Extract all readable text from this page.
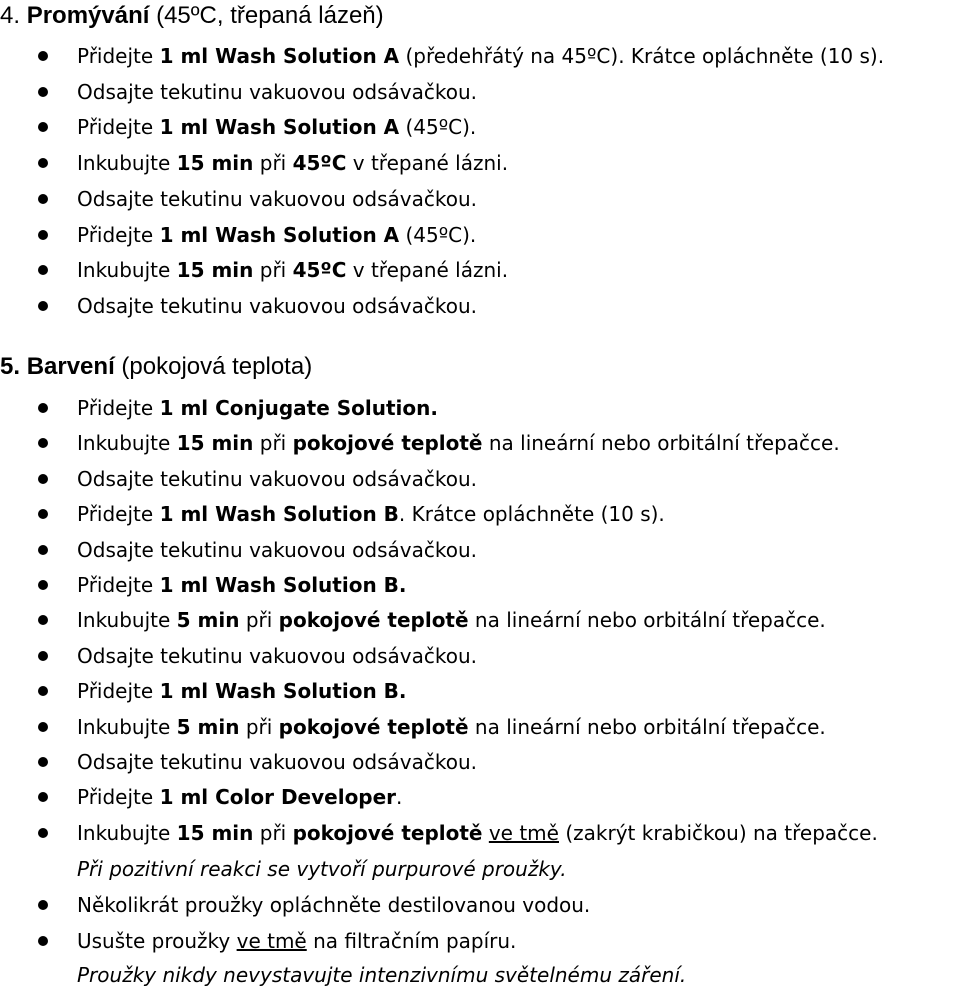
4. Promývání (45ºC, třepaná lázeň)
Přidejte 1 ml Wash Solution A (předehřátý na 45ºC). Krátce opláchněte (10 s).
Odsajte tekutinu vakuovou odsávačkou.
Přidejte 1 ml Wash Solution A (45ºC).
Inkubujte 15 min při 45ºC v třepané lázni.
Odsajte tekutinu vakuovou odsávačkou.
Přidejte 1 ml Wash Solution A (45ºC).
Inkubujte 15 min při 45ºC v třepané lázni.
Odsajte tekutinu vakuovou odsávačkou.
5. Barvení (pokojová teplota)
Přidejte 1 ml Conjugate Solution.
Inkubujte 15 min při pokojové teplotě na lineární nebo orbitální třepačce.
Odsajte tekutinu vakuovou odsávačkou.
Přidejte 1 ml Wash Solution B. Krátce opláchněte (10 s).
Odsajte tekutinu vakuovou odsávačkou.
Přidejte 1 ml Wash Solution B.
Inkubujte 5 min při pokojové teplotě na lineární nebo orbitální třepačce.
Odsajte tekutinu vakuovou odsávačkou.
Přidejte 1 ml Wash Solution B.
Inkubujte 5 min při pokojové teplotě na lineární nebo orbitální třepačce.
Odsajte tekutinu vakuovou odsávačkou.
Přidejte 1 ml Color Developer.
Inkubujte 15 min při pokojové teplotě ve tmě (zakrýt krabičkou) na třepačce.
Při pozitivní reakci se vytvoří purpurové proužky.
Několikrát proužky opláchněte destilovanou vodou.
Usušte proužky ve tmě na filtračním papíru.
Proužky nikdy nevystavujte intenzivnímu světelnému záření.
